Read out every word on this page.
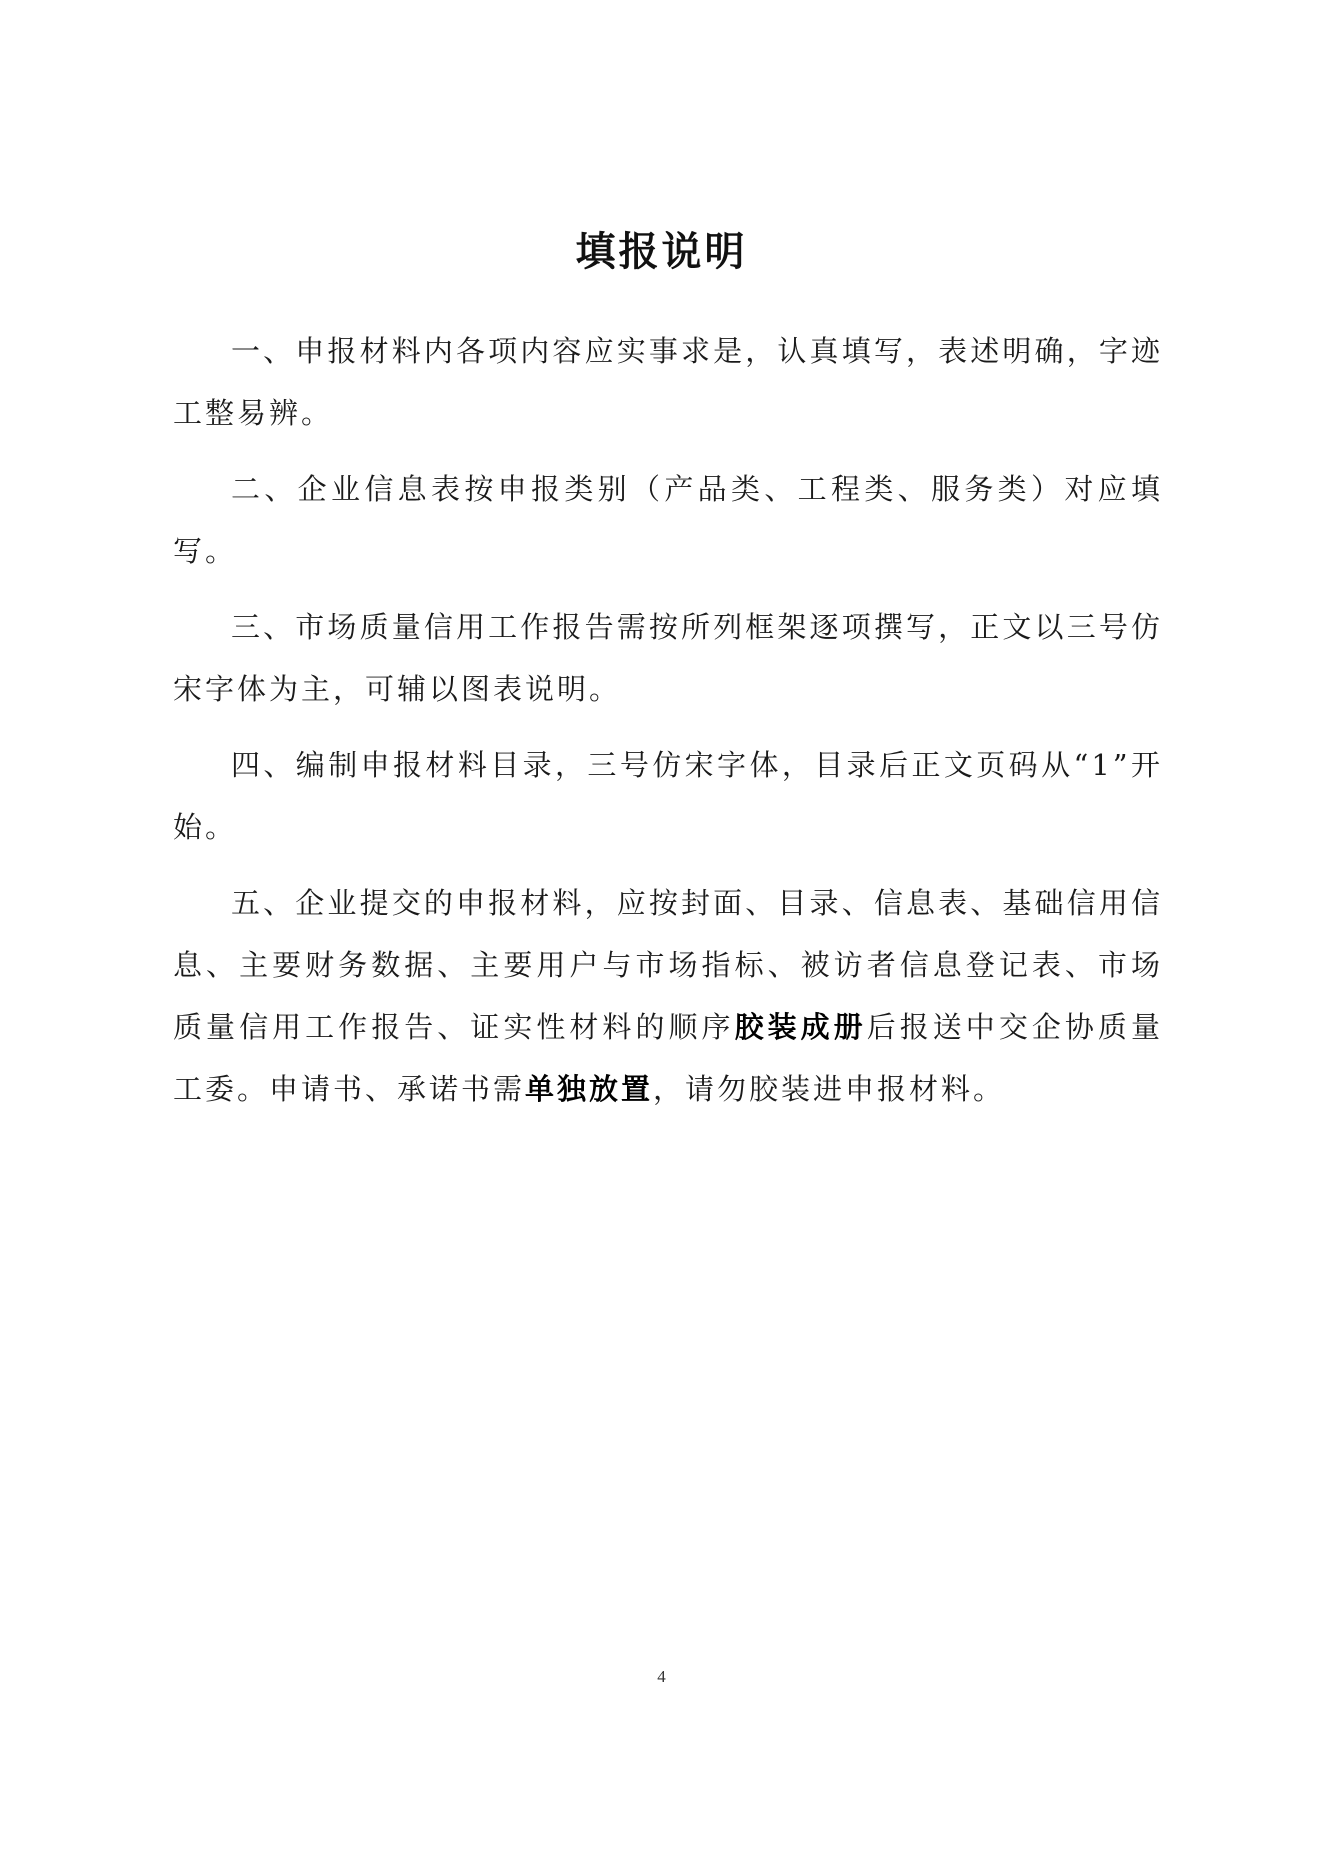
填报说明

一、申报材料内各项内容应实事求是，认真填写，表述明确，字迹工整易辨。

二、企业信息表按申报类别（产品类、工程类、服务类）对应填写。

三、市场质量信用工作报告需按所列框架逐项撰写，正文以三号仿宋字体为主，可辅以图表说明。

四、编制申报材料目录，三号仿宋字体，目录后正文页码从“1”开始。

五、企业提交的申报材料，应按封面、目录、信息表、基础信用信息、主要财务数据、主要用户与市场指标、被访者信息登记表、市场质量信用工作报告、证实性材料的顺序胶装成册后报送中交企协质量工委。申请书、承诺书需单独放置，请勿胶装进申报材料。

4
